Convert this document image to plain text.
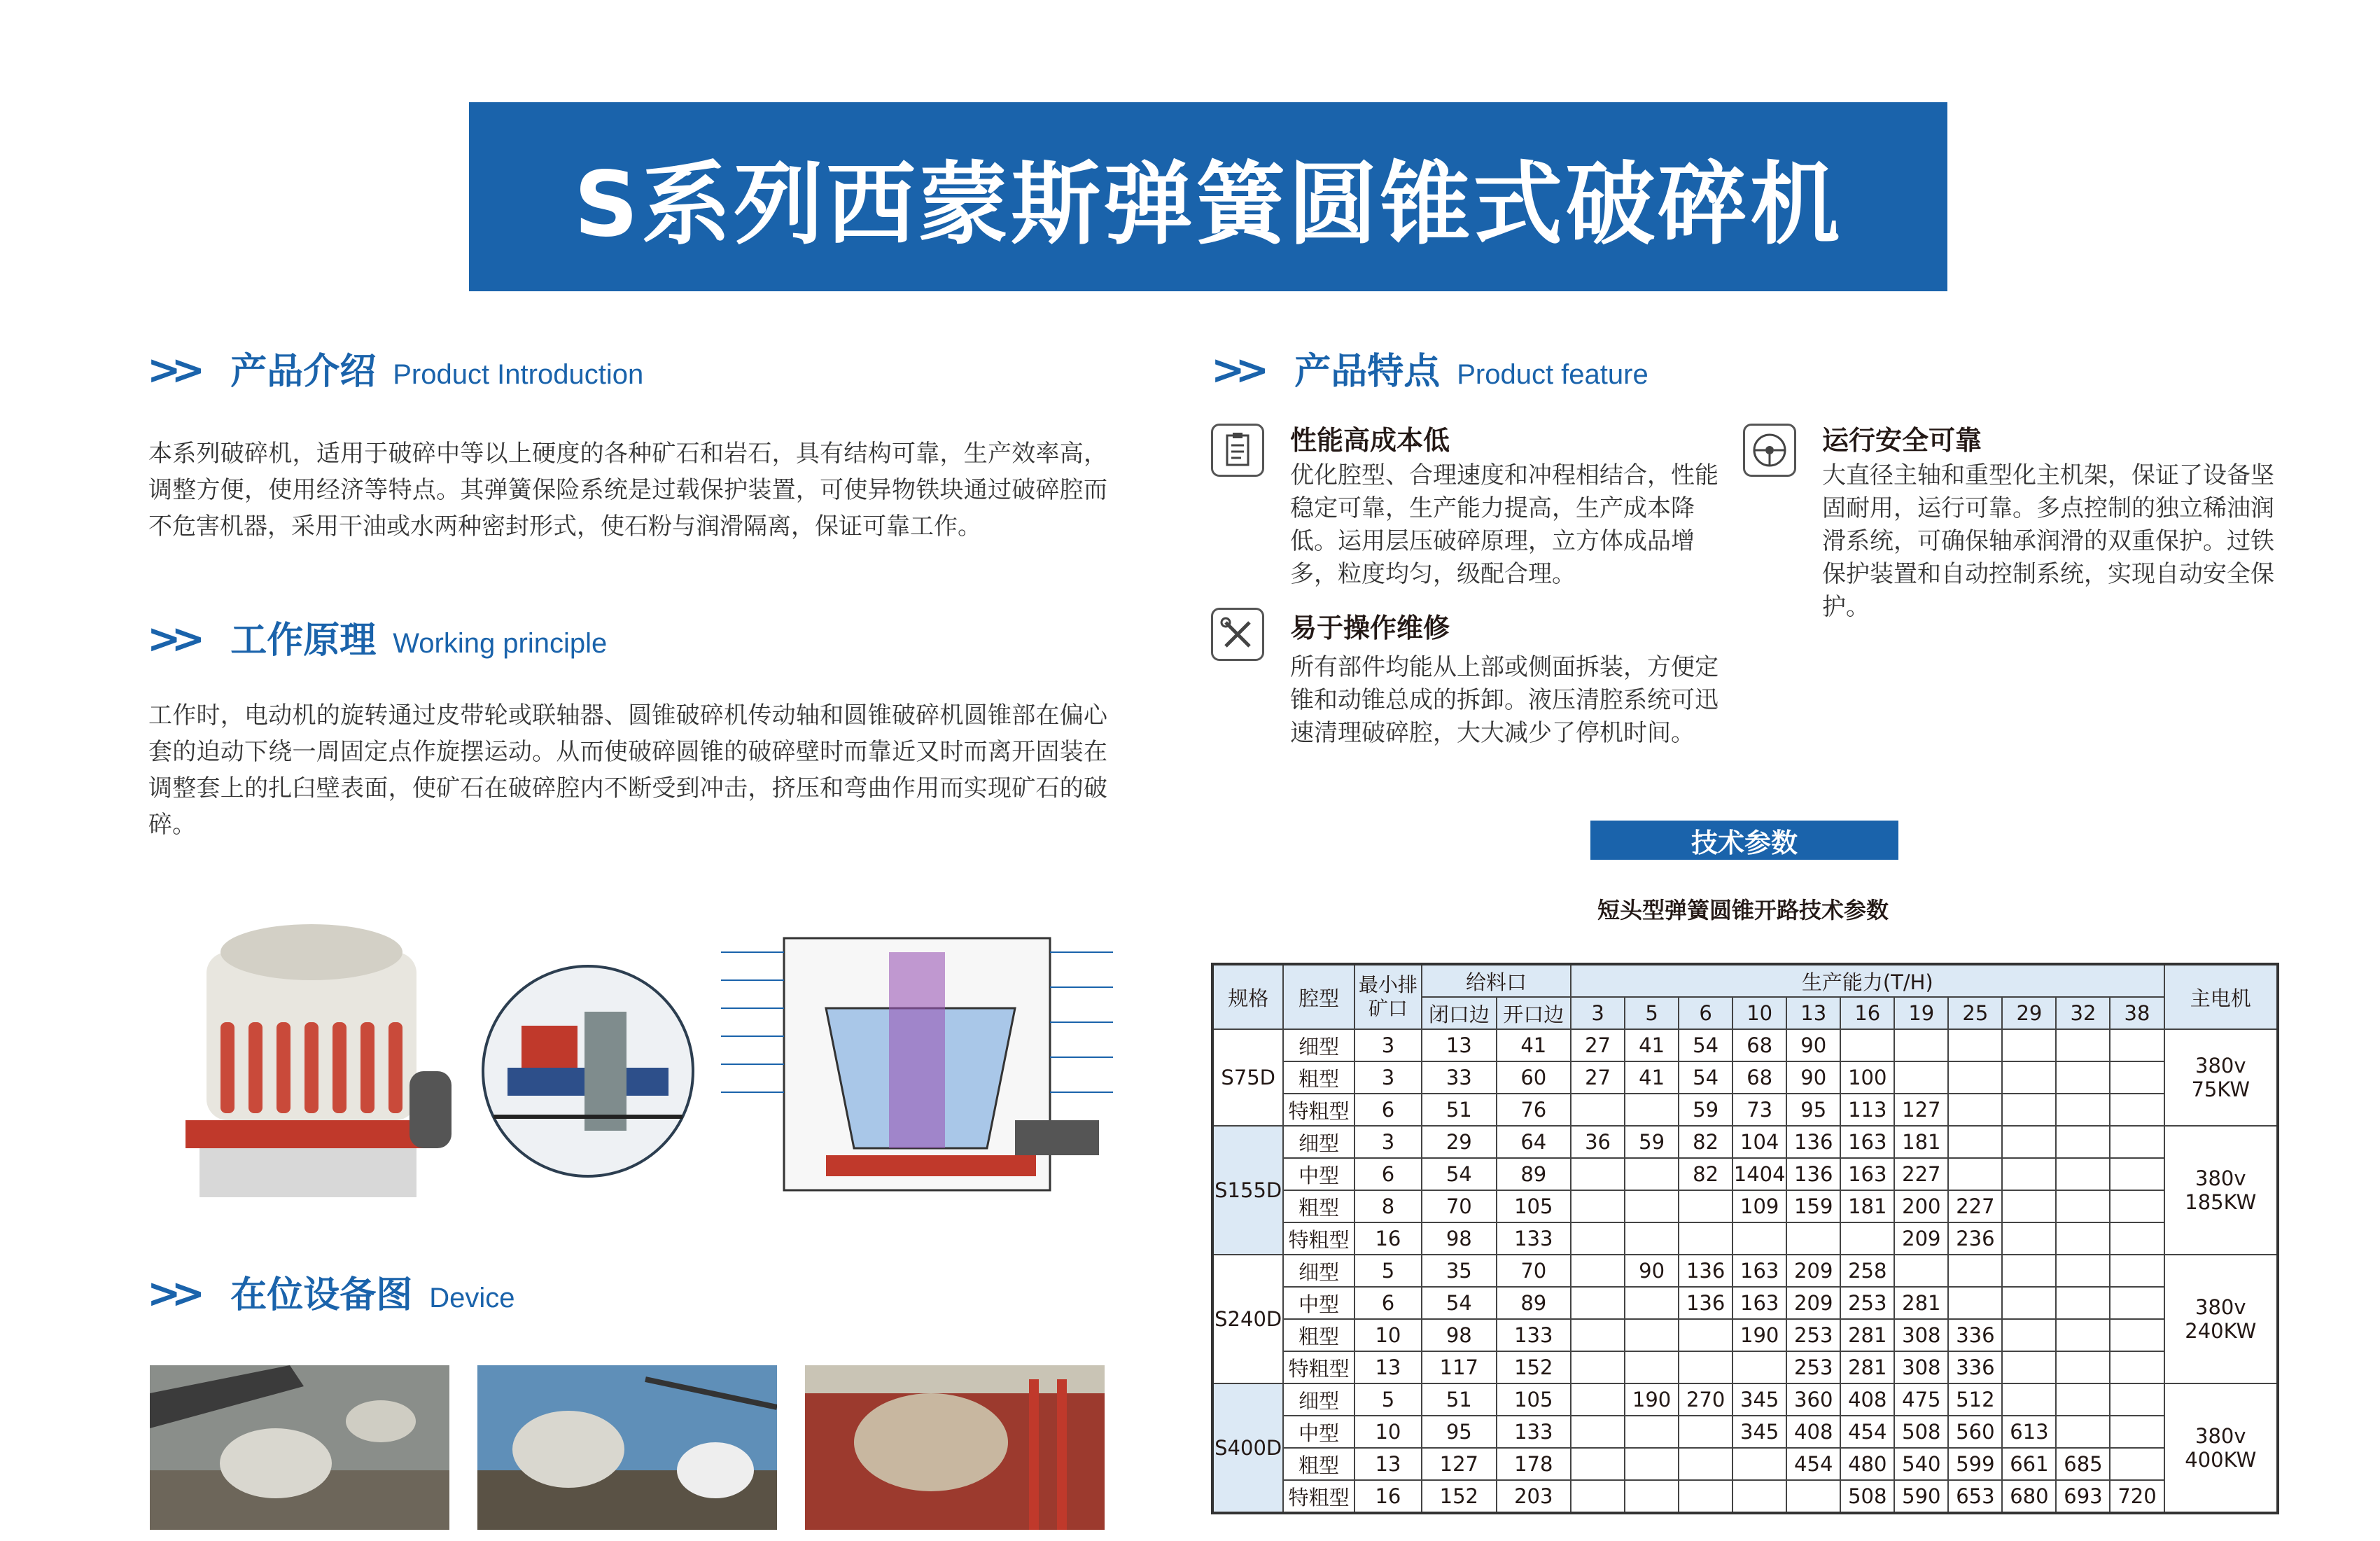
S系列西蒙斯弹簧圆锥式破碎机
>> 产品介绍 Product Introduction
本系列破碎机，适用于破碎中等以上硬度的各种矿石和岩石，具有结构可靠，生产效率高，调整方便，使用经济等特点。其弹簧保险系统是过载保护装置，可使异物铁块通过破碎腔而不危害机器，采用干油或水两种密封形式，使石粉与润滑隔离，保证可靠工作。
>> 工作原理 Working principle
工作时，电动机的旋转通过皮带轮或联轴器、圆锥破碎机传动轴和圆锥破碎机圆锥部在偏心套的迫动下绕一周固定点作旋摆运动。从而使破碎圆锥的破碎壁时而靠近又时而离开固装在调整套上的扎臼壁表面，使矿石在破碎腔内不断受到冲击，挤压和弯曲作用而实现矿石的破碎。
>> 在位设备图 Device
>> 产品特点 Product feature
性能高成本低
优化腔型、合理速度和冲程相结合，性能稳定可靠，生产能力提高，生产成本降低。运用层压破碎原理，立方体成品增多，粒度均匀，级配合理。
运行安全可靠
大直径主轴和重型化主机架，保证了设备坚固耐用，运行可靠。多点控制的独立稀油润滑系统，可确保轴承润滑的双重保护。过铁保护装置和自动控制系统，实现自动安全保护。
易于操作维修
所有部件均能从上部或侧面拆装，方便定锥和动锥总成的拆卸。液压清腔系统可迅速清理破碎腔，大大减少了停机时间。
技术参数
短头型弹簧圆锥开路技术参数
规格	腔型	最小排矿口	给料口		生产能力(T/H)											主电机
			闭口边	开口边	3	5	6	10	13	16	19	25	29	32	38	
S75D	细型	3	13	41	27	41	54	68	90							380v 75KW
	粗型	3	33	60	27	41	54	68	90	100						
	特粗型	6	51	76			59	73	95	113	127					
S155D	细型	3	29	64	36	59	82	104	136	163	181					380v 185KW
	中型	6	54	89			82	1404	136	163	227					
	粗型	8	70	105				109	159	181	200	227				
	特粗型	16	98	133							209	236				
S240D	细型	5	35	70		90	136	163	209	258						380v 240KW
	中型	6	54	89			136	163	209	253	281					
	粗型	10	98	133				190	253	281	308	336				
	特粗型	13	117	152					253	281	308	336				
S400D	细型	5	51	105		190	270	345	360	408	475	512				380v 400KW
	中型	10	95	133				345	408	454	508	560	613			
	粗型	13	127	178					454	480	540	599	661	685		
	特粗型	16	152	203						508	590	653	680	693	720	
